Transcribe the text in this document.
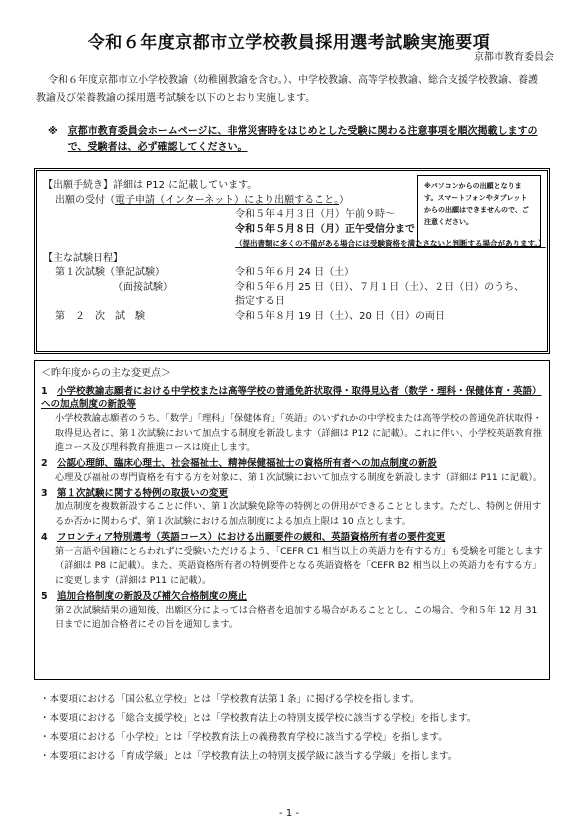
令和６年度京都市立学校教員採用選考試験実施要項
京都市教育委員会

令和６年度京都市立小学校教諭（幼稚園教諭を含む。）、中学校教諭、高等学校教諭、総合支援学校教諭、養護教諭及び栄養教諭の採用選考試験を以下のとおり実施します。

※ 京都市教育委員会ホームページに、非常災害時をはじめとした受験に関わる注意事項を順次掲載しますので、受験者は、必ず確認してください。
※パソコンからの出願となります。スマートフォンやタブレットからの出願はできませんので、ご注意ください。
【出願手続き】詳細は P12 に記載しています。
出願の受付（電子申請（インターネット）により出願すること。）
令和５年４月３日（月）午前９時～
令和５年５月８日（月）正午受信分まで
（提出書類に多くの不備がある場合には受験資格を満たさないと判断する場合があります。）
【主な試験日程】
第１次試験（筆記試験）	令和５年６月 24 日（土）
（面接試験）	令和５年６月 25 日（日）、７月１日（土）、２日（日）のうち、
指定する日
第　２　次　試　験	令和５年８月 19 日（土）、20 日（日）の両日
＜昨年度からの主な変更点＞
1 小学校教諭志願者における中学校または高等学校の普通免許状取得・取得見込者（数学・理科・保健体育・英語）への加点制度の新設等
小学校教諭志願者のうち、「数学」「理科」「保健体育」「英語」のいずれかの中学校または高等学校の普通免許状取得・取得見込者に、第１次試験において加点する制度を新設します（詳細は P12 に記載）。これに伴い、小学校英語教育推進コース及び理科教育推進コースは廃止します。
2 公認心理師、臨床心理士、社会福祉士、精神保健福祉士の資格所有者への加点制度の新設
心理及び福祉の専門資格を有する方を対象に、第１次試験において加点する制度を新設します（詳細は P11 に記載）。
3 第１次試験に関する特例の取扱いの変更
加点制度を複数新設することに伴い、第１次試験免除等の特例との併用ができることとします。ただし、特例と併用するか否かに関わらず、第１次試験における加点制度による加点上限は 10 点とします。
4 フロンティア特別選考（英語コース）における出願要件の緩和、英語資格所有者の要件変更
第一言語や国籍にとらわれずに受験いただけるよう、「CEFR C1 相当以上の英語力を有する方」も受験を可能とします（詳細は P8 に記載）。また、英語資格所有者の特例要件となる英語資格を「CEFR B2 相当以上の英語力を有する方」に変更します（詳細は P11 に記載）。
5 追加合格制度の新設及び補欠合格制度の廃止
第２次試験結果の通知後、出願区分によっては合格者を追加する場合があることとし、この場合、令和５年 12 月 31 日までに追加合格者にその旨を通知します。
・本要項における「国公私立学校」とは「学校教育法第１条」に掲げる学校を指します。
・本要項における「総合支援学校」とは「学校教育法上の特別支援学校に該当する学校」を指します。
・本要項における「小学校」とは「学校教育法上の義務教育学校に該当する学校」を指します。
・本要項における「育成学級」とは「学校教育法上の特別支援学級に該当する学級」を指します。
- 1 -
